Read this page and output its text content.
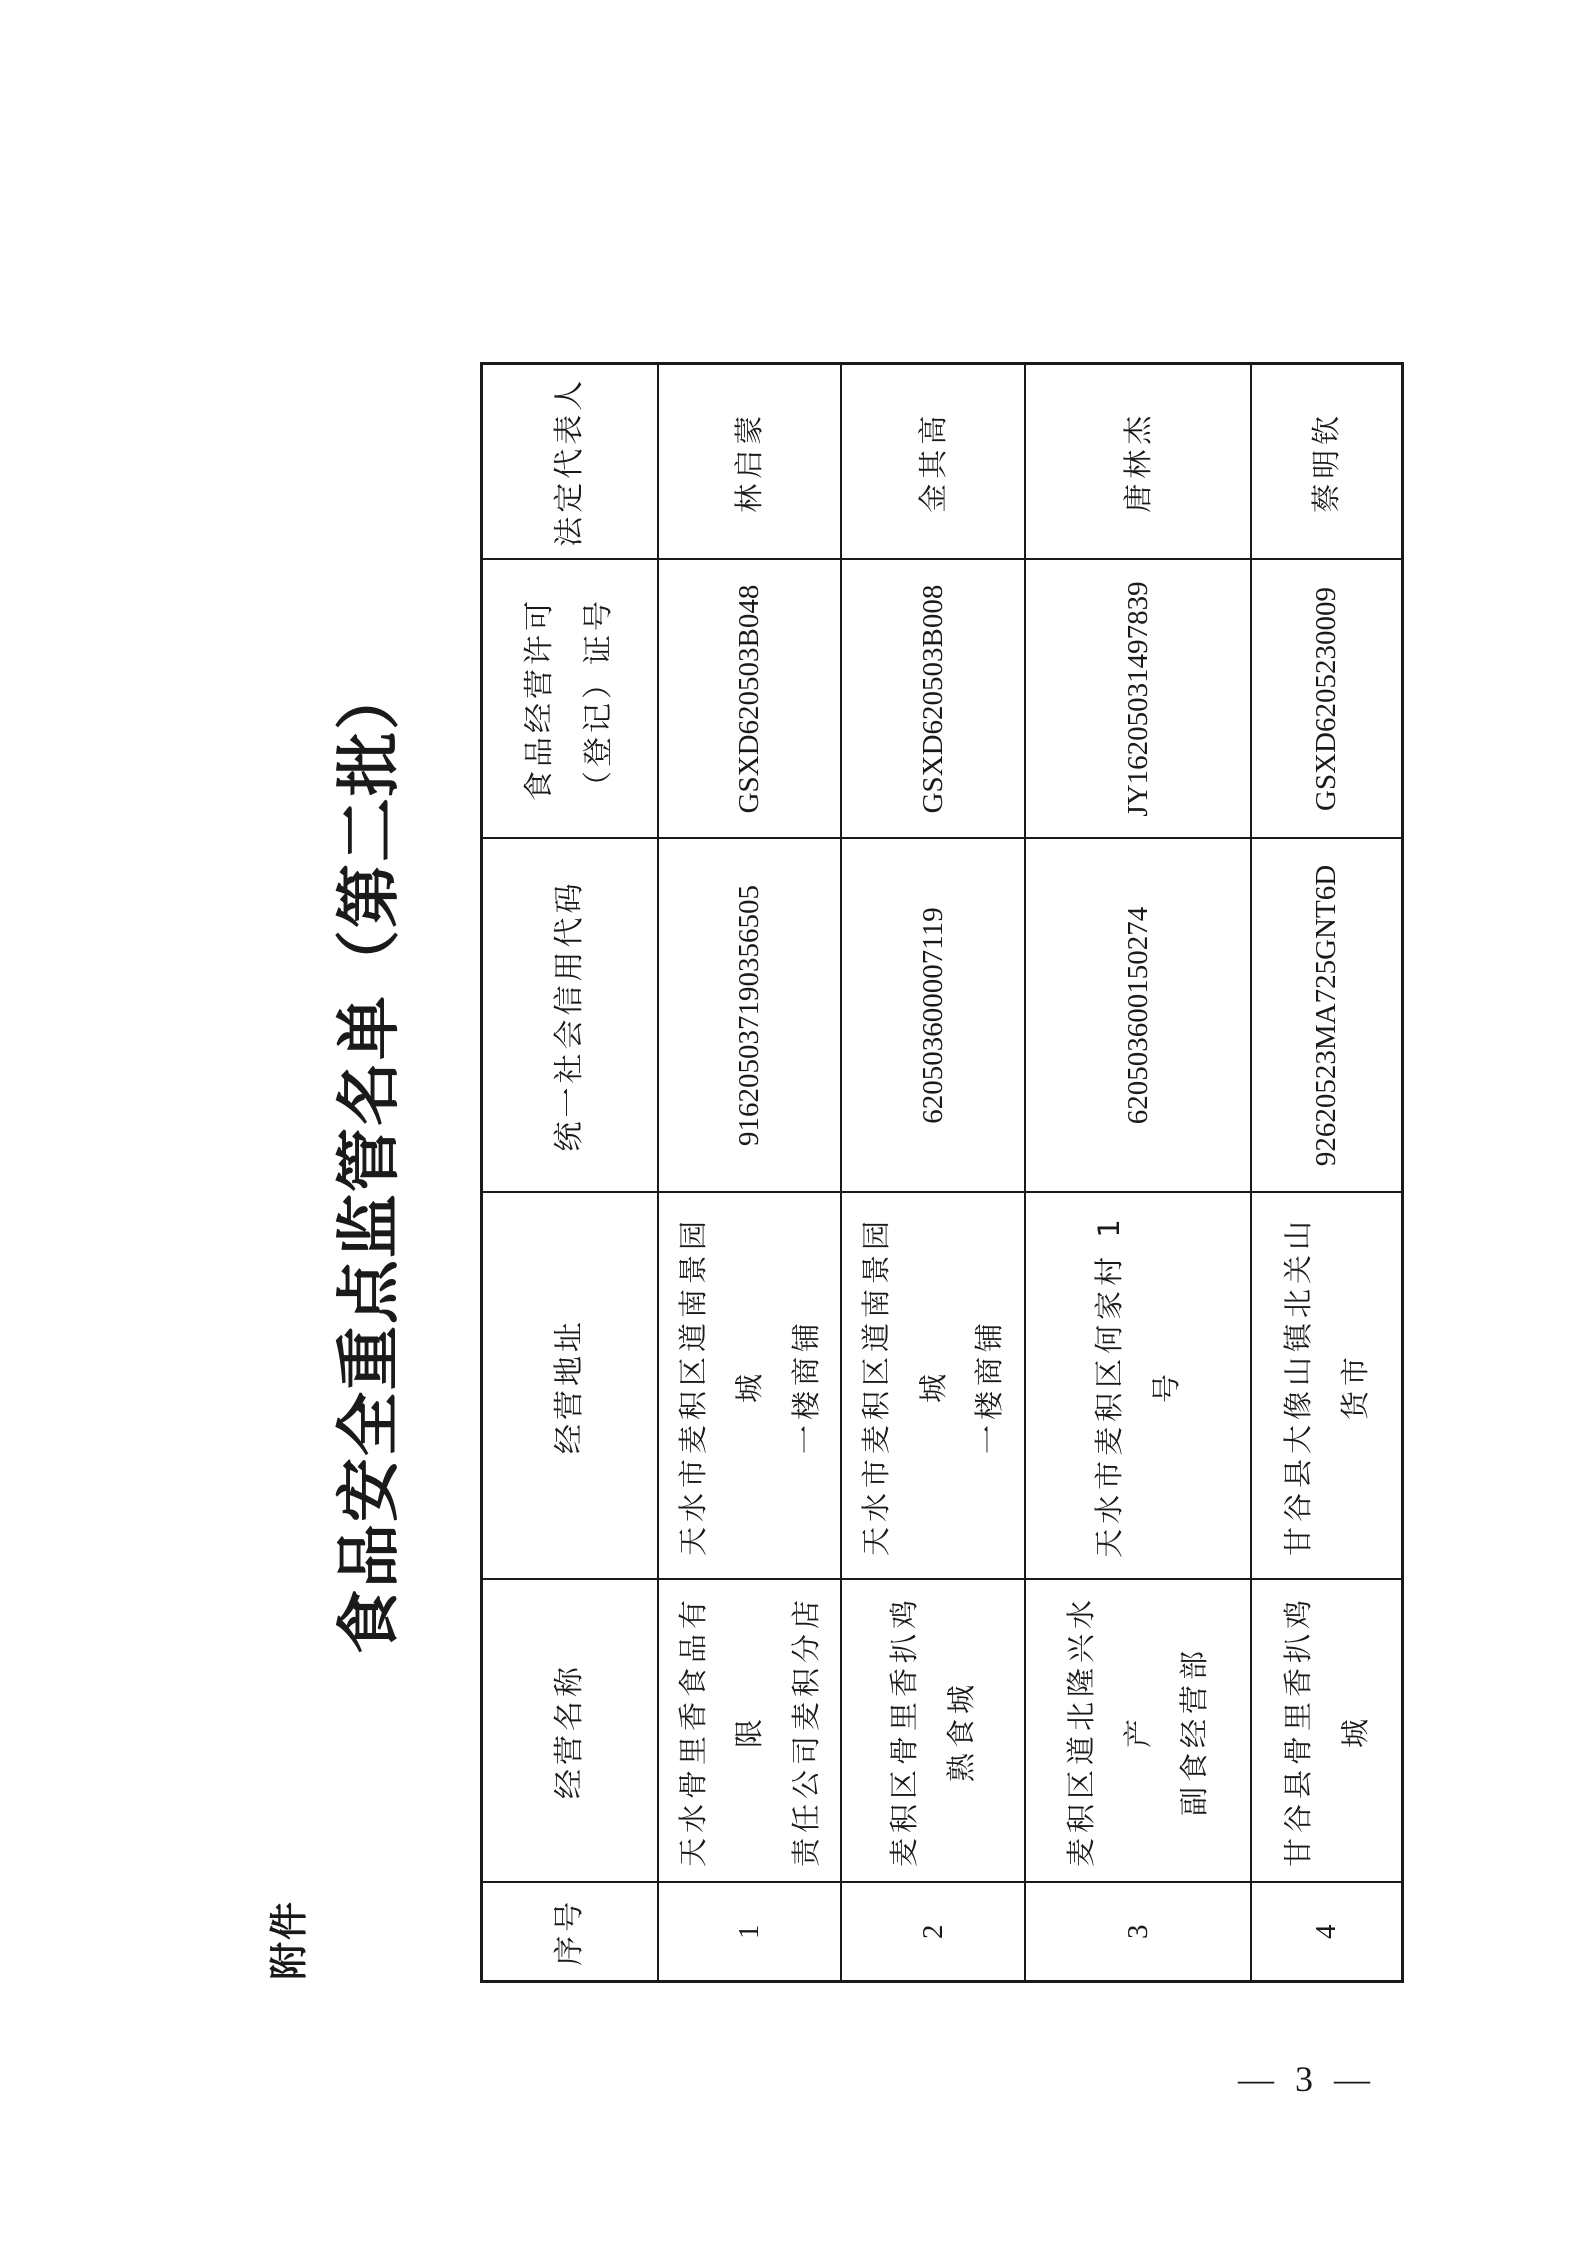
附件
食品安全重点监管名单（第二批）
序号	经营名称	经营地址	统一社会信用代码	食品经营许可 （登记）证号	法定代表人
1	天水骨里香食品有限 责任公司麦积分店	天水市麦积区道南景园城 一楼商铺	916205037190356505	GSXD620503B048	林启蒙
2	麦积区骨里香扒鸡 熟食城	天水市麦积区道南景园城 一楼商铺	620503600007119	GSXD620503B008	金其高
3	麦积区道北隆兴水产 副食经营部	天水市麦积区何家村 1 号	620503600150274	JY16205031497839	唐林杰
4	甘谷县骨里香扒鸡城	甘谷县大像山镇北关山货市	92620523MA725GNT6D	GSXD6205230009	蔡明钦
— 3 —
